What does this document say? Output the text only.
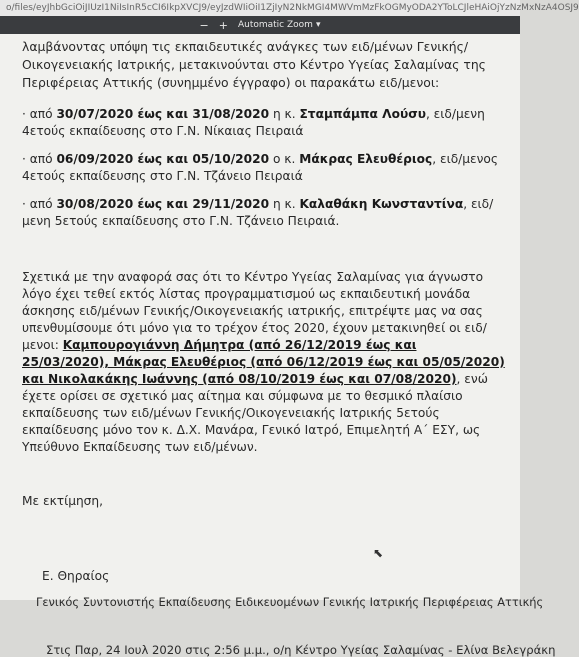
o/files/eyJhbGciOiJIUzI1NiIsInR5cCI6IkpXVCJ9/eyJzdWIiOiI1ZjIyN2NkMGI4MWVmMzFkOGMyODA2YToLCJleHAiOjYzNzMxNzA4OSJ9
− + Automatic Zoom ▾

λαμβάνοντας υπόψη τις εκπαιδευτικές ανάγκες των ειδ/μένων Γενικής/Οικογενειακής Ιατρικής, μετακινούνται στο Κέντρο Υγείας Σαλαμίνας της Περιφέρειας Αττικής (συνημμένο έγγραφο) οι παρακάτω ειδ/μενοι:

· από 30/07/2020 έως και 31/08/2020 η κ. Σταμπάμπα Λούσυ, ειδ/μενη 4ετούς εκπαίδευσης στο Γ.Ν. Νίκαιας Πειραιά

· από 06/09/2020 έως και 05/10/2020 ο κ. Μάκρας Ελευθέριος, ειδ/μενος 4ετούς εκπαίδευσης στο Γ.Ν. Τζάνειο Πειραιά

· από 30/08/2020 έως και 29/11/2020 η κ. Καλαθάκη Κωνσταντίνα, ειδ/μενη 5ετούς εκπαίδευσης στο Γ.Ν. Τζάνειο Πειραιά.

Σχετικά με την αναφορά σας ότι το Κέντρο Υγείας Σαλαμίνας για άγνωστο λόγο έχει τεθεί εκτός λίστας προγραμματισμού ως εκπαιδευτική μονάδα άσκησης ειδ/μένων Γενικής/Οικογενειακής ιατρικής, επιτρέψτε μας να σας υπενθυμίσουμε ότι μόνο για το τρέχον έτος 2020, έχουν μετακινηθεί οι ειδ/μενοι: Καμπουρογιάννη Δήμητρα (από 26/12/2019 έως και 25/03/2020), Μάκρας Ελευθέριος (από 06/12/2019 έως και 05/05/2020) και Νικολακάκης Ιωάννης (από 08/10/2019 έως και 07/08/2020), ενώ έχετε ορίσει σε σχετικό μας αίτημα και σύμφωνα με το θεσμικό πλαίσιο εκπαίδευσης των ειδ/μένων Γενικής/Οικογενειακής Ιατρικής 5ετούς εκπαίδευσης μόνο τον κ. Δ.Χ. Μανάρα, Γενικό Ιατρό, Επιμελητή Α΄ ΕΣΥ, ως Υπεύθυνο Εκπαίδευσης των ειδ/μένων.

Με εκτίμηση,

Ε. Θηραίος

Γενικός Συντονιστής Εκπαίδευσης Ειδικευομένων Γενικής Ιατρικής Περιφέρειας Αττικής

Στις Παρ, 24 Ιουλ 2020 στις 2:56 μ.μ., ο/η Κέντρο Υγείας Σαλαμίνας - Ελίνα Βελεγράκη

⬉
